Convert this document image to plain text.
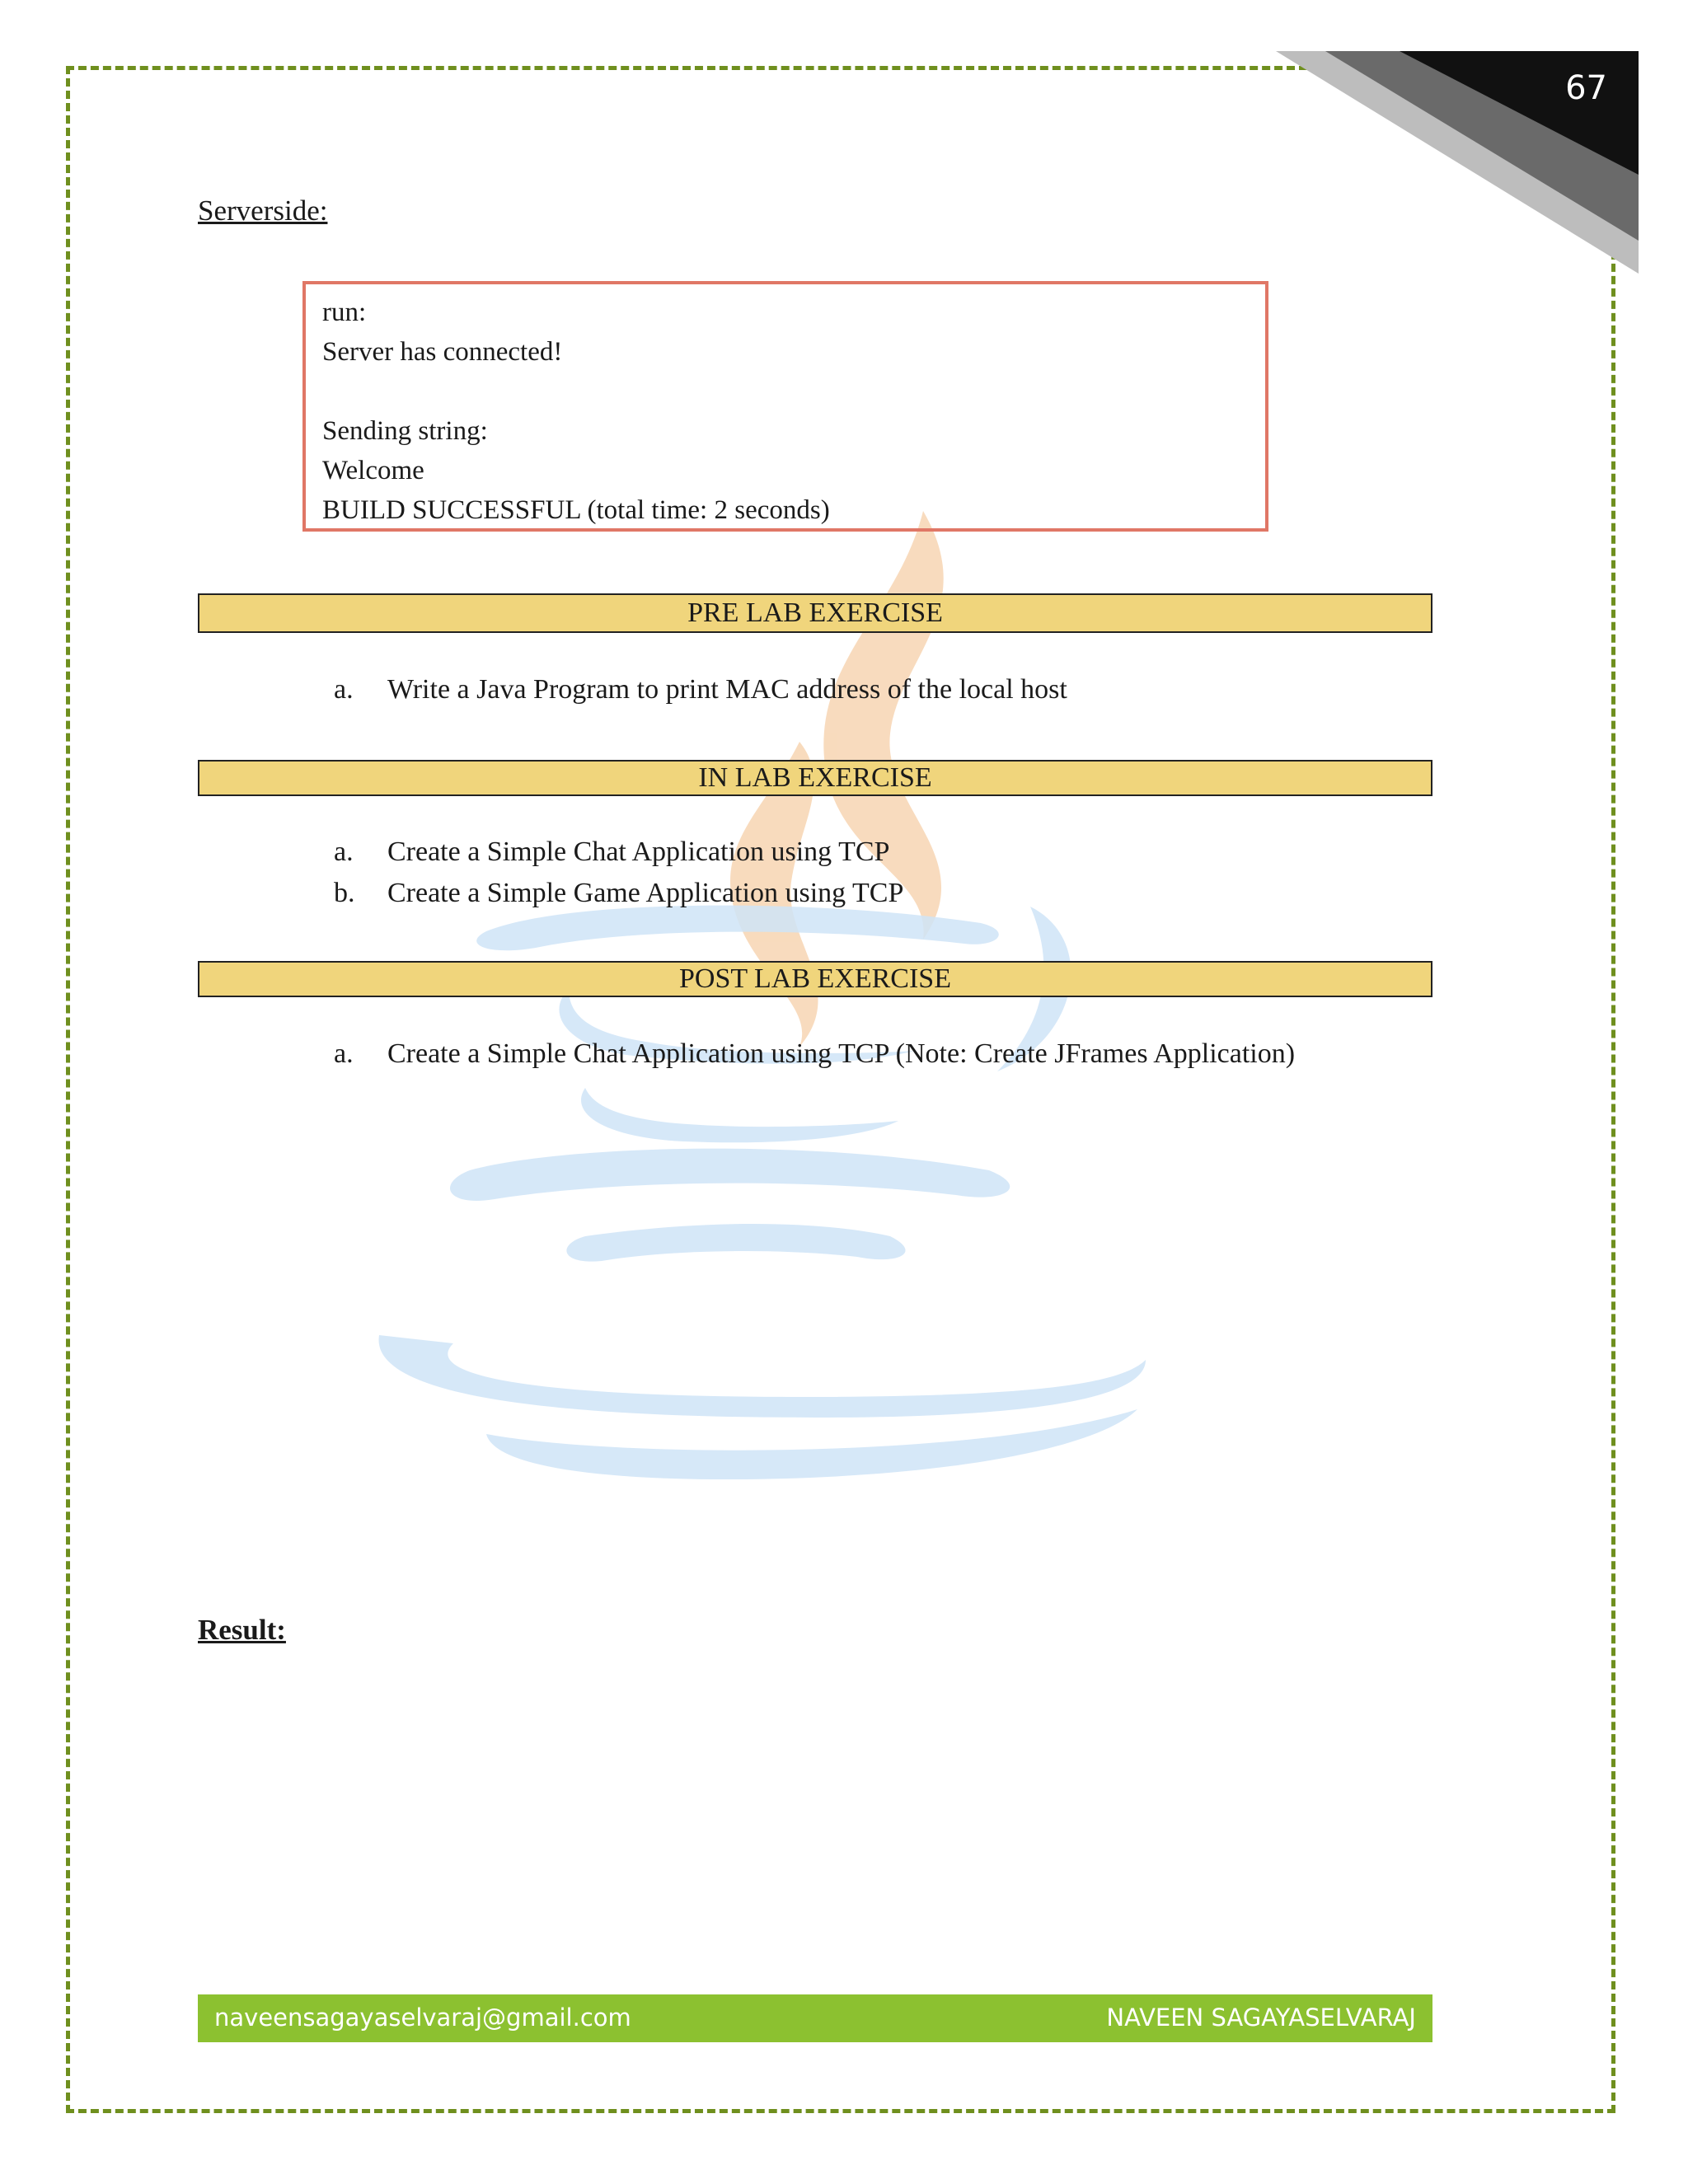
67
Serverside:
run:
Server has connected!
Sending string:
Welcome
BUILD SUCCESSFUL (total time: 2 seconds)
PRE LAB EXERCISE
a. Write a Java Program to print MAC address of the local host
IN LAB EXERCISE
a. Create a Simple Chat Application using TCP
b. Create a Simple Game Application using TCP
POST LAB EXERCISE
a. Create a Simple Chat Application using TCP (Note: Create JFrames Application)
Result:
naveensagayaselvaraj@gmail.com	NAVEEN SAGAYASELVARAJ
